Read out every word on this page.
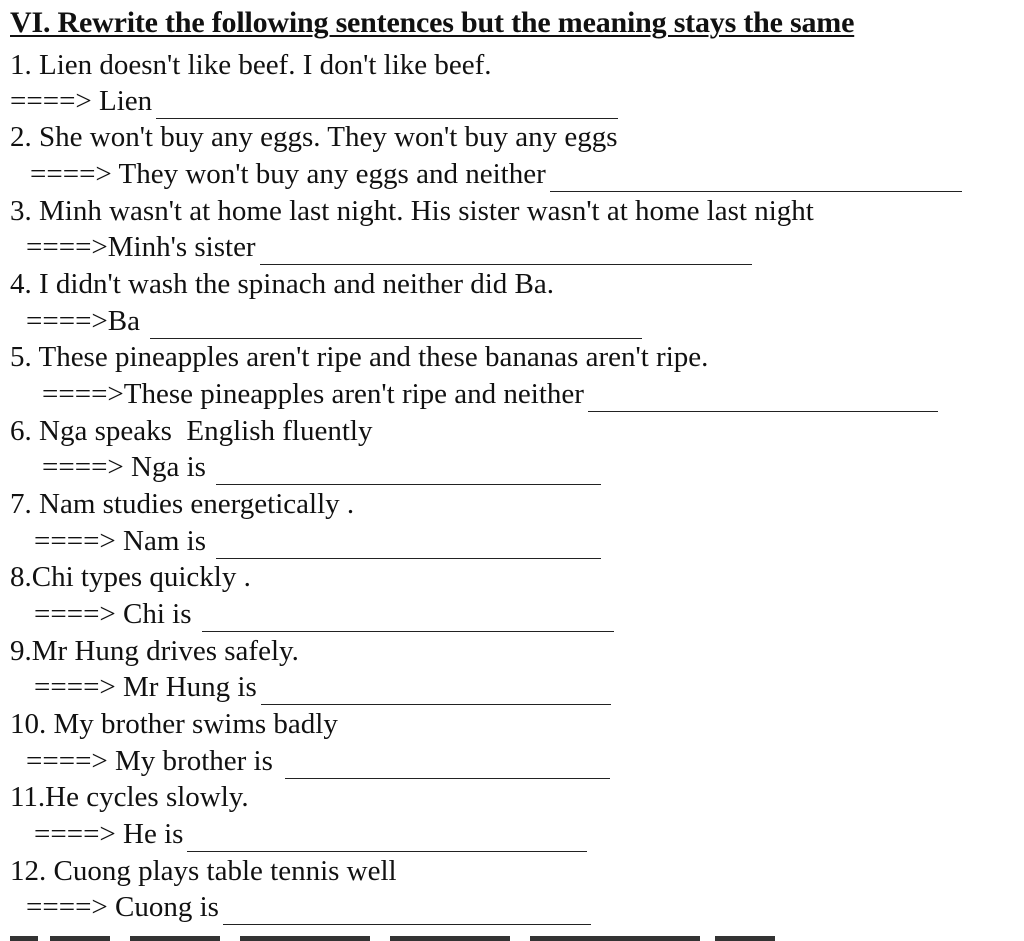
VI. Rewrite the following sentences but the meaning stays the same
1. Lien doesn't like beef. I don't like beef.
====> Lien
2. She won't buy any eggs. They won't buy any eggs
====> They won't buy any eggs and neither
3. Minh wasn't at home last night. His sister wasn't at home last night
====>Minh's sister
4. I didn't wash the spinach and neither did Ba.
====>Ba
5. These pineapples aren't ripe and these bananas aren't ripe.
====>These pineapples aren't ripe and neither
6. Nga speaks  English fluently
====> Nga is
7. Nam studies energetically .
====> Nam is
8.Chi types quickly .
====> Chi is
9.Mr Hung drives safely.
====> Mr Hung is
10. My brother swims badly
====> My brother is
11.He cycles slowly.
====> He is
12. Cuong plays table tennis well
====> Cuong is
